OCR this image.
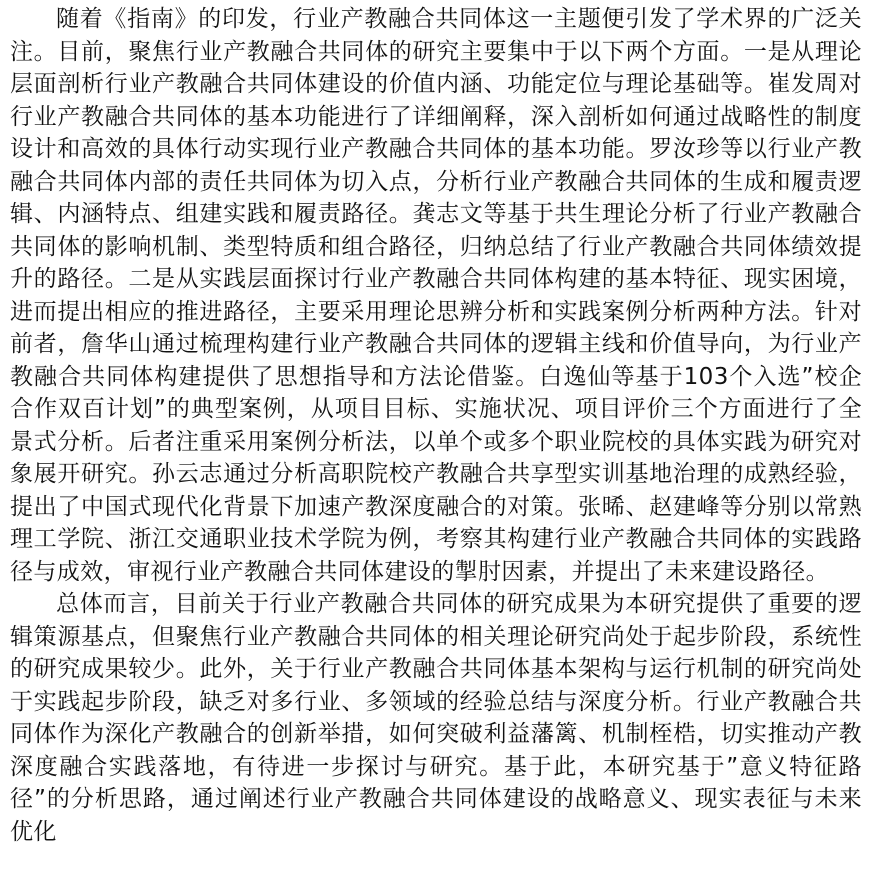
随着《指南》的印发，行业产教融合共同体这一主题便引发了学术界的广泛关注。目前，聚焦行业产教融合共同体的研究主要集中于以下两个方面。一是从理论层面剖析行业产教融合共同体建设的价值内涵、功能定位与理论基础等。崔发周对行业产教融合共同体的基本功能进行了详细阐释，深入剖析如何通过战略性的制度设计和高效的具体行动实现行业产教融合共同体的基本功能。罗汝珍等以行业产教融合共同体内部的责任共同体为切入点，分析行业产教融合共同体的生成和履责逻辑、内涵特点、组建实践和履责路径。龚志文等基于共生理论分析了行业产教融合共同体的影响机制、类型特质和组合路径，归纳总结了行业产教融合共同体绩效提升的路径。二是从实践层面探讨行业产教融合共同体构建的基本特征、现实困境，进而提出相应的推进路径，主要采用理论思辨分析和实践案例分析两种方法。针对前者，詹华山通过梳理构建行业产教融合共同体的逻辑主线和价值导向，为行业产教融合共同体构建提供了思想指导和方法论借鉴。白逸仙等基于103个入选”校企合作双百计划”的典型案例，从项目目标、实施状况、项目评价三个方面进行了全景式分析。后者注重采用案例分析法，以单个或多个职业院校的具体实践为研究对象展开研究。孙云志通过分析高职院校产教融合共享型实训基地治理的成熟经验，提出了中国式现代化背景下加速产教深度融合的对策。张晞、赵建峰等分别以常熟理工学院、浙江交通职业技术学院为例，考察其构建行业产教融合共同体的实践路径与成效，审视行业产教融合共同体建设的掣肘因素，并提出了未来建设路径。

总体而言，目前关于行业产教融合共同体的研究成果为本研究提供了重要的逻辑策源基点，但聚焦行业产教融合共同体的相关理论研究尚处于起步阶段，系统性的研究成果较少。此外，关于行业产教融合共同体基本架构与运行机制的研究尚处于实践起步阶段，缺乏对多行业、多领域的经验总结与深度分析。行业产教融合共同体作为深化产教融合的创新举措，如何突破利益藩篱、机制桎梏，切实推动产教深度融合实践落地，有待进一步探讨与研究。基于此，本研究基于”意义特征路径”的分析思路，通过阐述行业产教融合共同体建设的战略意义、现实表征与未来优化
